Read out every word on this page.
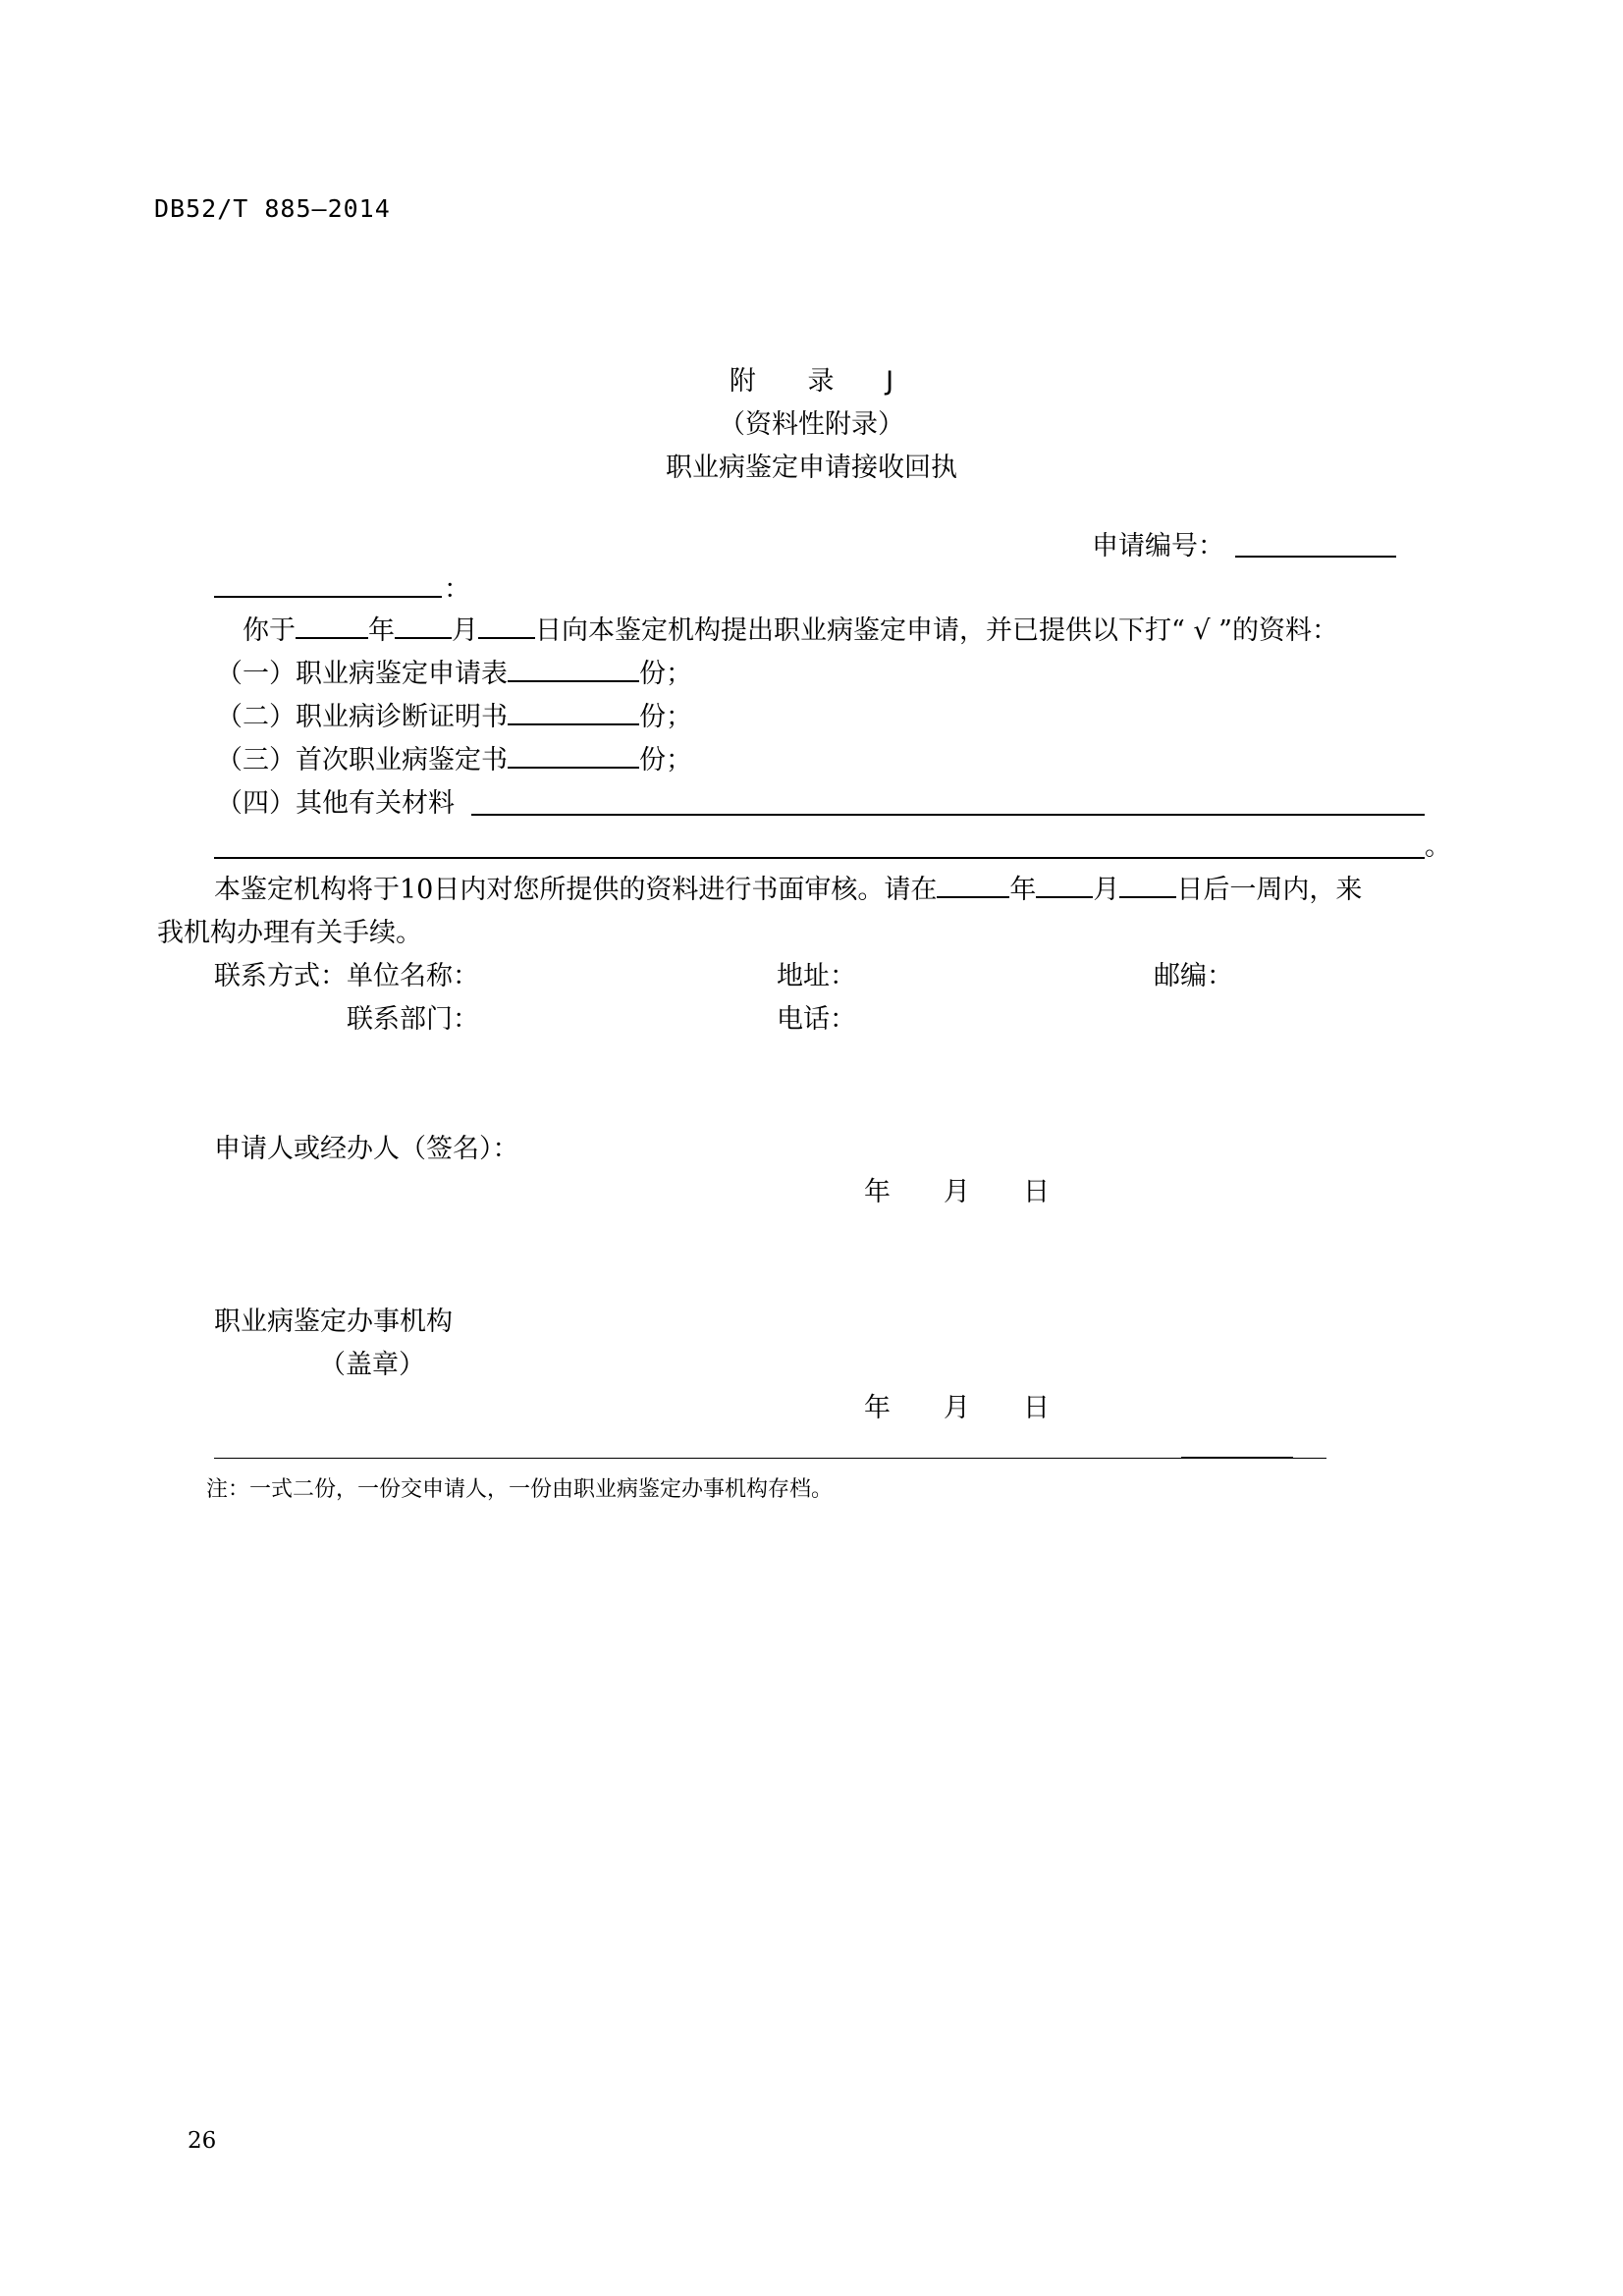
DB52/T 885—2014
附 录 J
（资料性附录）
职业病鉴定申请接收回执
申请编号：
：
你于	年 月 日向本鉴定机构提出职业病鉴定申请，并已提供以下打“ √ ”的资料：
（一）职业病鉴定申请表	份；
（二）职业病诊断证明书	份；
（三）首次职业病鉴定书	份；
（四）其他有关材料
。
本鉴定机构将于10日内对您所提供的资料进行书面审核。请在	年 月 日后一周内，来
我机构办理有关手续。
联系方式：单位名称：	地址：	邮编：
联系部门：	电话：
申请人或经办人（签名）：
年　　月　　日
职业病鉴定办事机构
（盖章）
年　　月　　日
注：一式二份，一份交申请人，一份由职业病鉴定办事机构存档。
26
